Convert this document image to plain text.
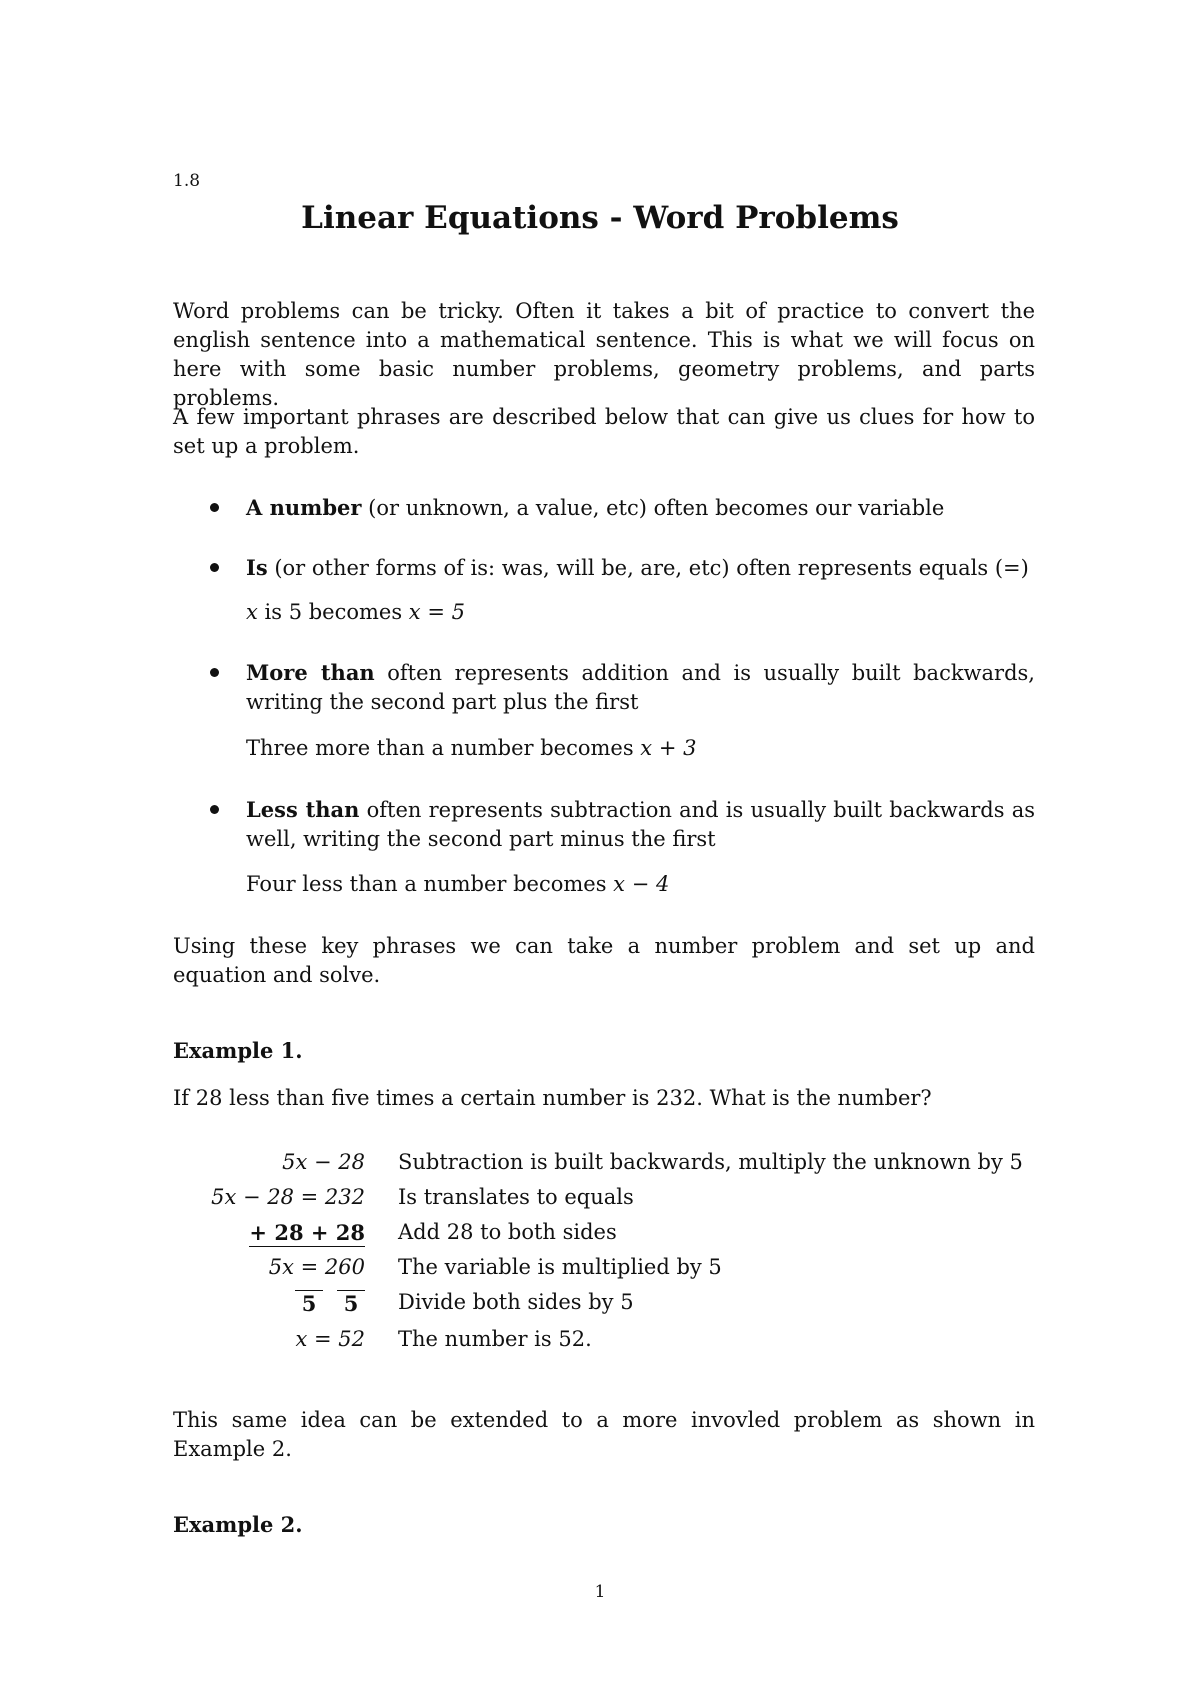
1.8
Linear Equations - Word Problems
Word problems can be tricky. Often it takes a bit of practice to convert the english sentence into a mathematical sentence. This is what we will focus on here with some basic number problems, geometry problems, and parts problems.
A few important phrases are described below that can give us clues for how to set up a problem.
A number (or unknown, a value, etc) often becomes our variable
Is (or other forms of is: was, will be, are, etc) often represents equals (=)
x is 5 becomes x = 5
More than often represents addition and is usually built backwards, writing the second part plus the first
Three more than a number becomes x + 3
Less than often represents subtraction and is usually built backwards as well, writing the second part minus the first
Four less than a number becomes x − 4
Using these key phrases we can take a number problem and set up and equation and solve.
Example 1.
If 28 less than five times a certain number is 232. What is the number?
5x − 28 Subtraction is built backwards, multiply the unknown by 5
5x − 28 = 232 Is translates to equals
+ 28 + 28 Add 28 to both sides
5x = 260 The variable is multiplied by 5
5 5	Divide both sides by 5
x = 52 The number is 52.
This same idea can be extended to a more invovled problem as shown in Example 2.
Example 2.
1
